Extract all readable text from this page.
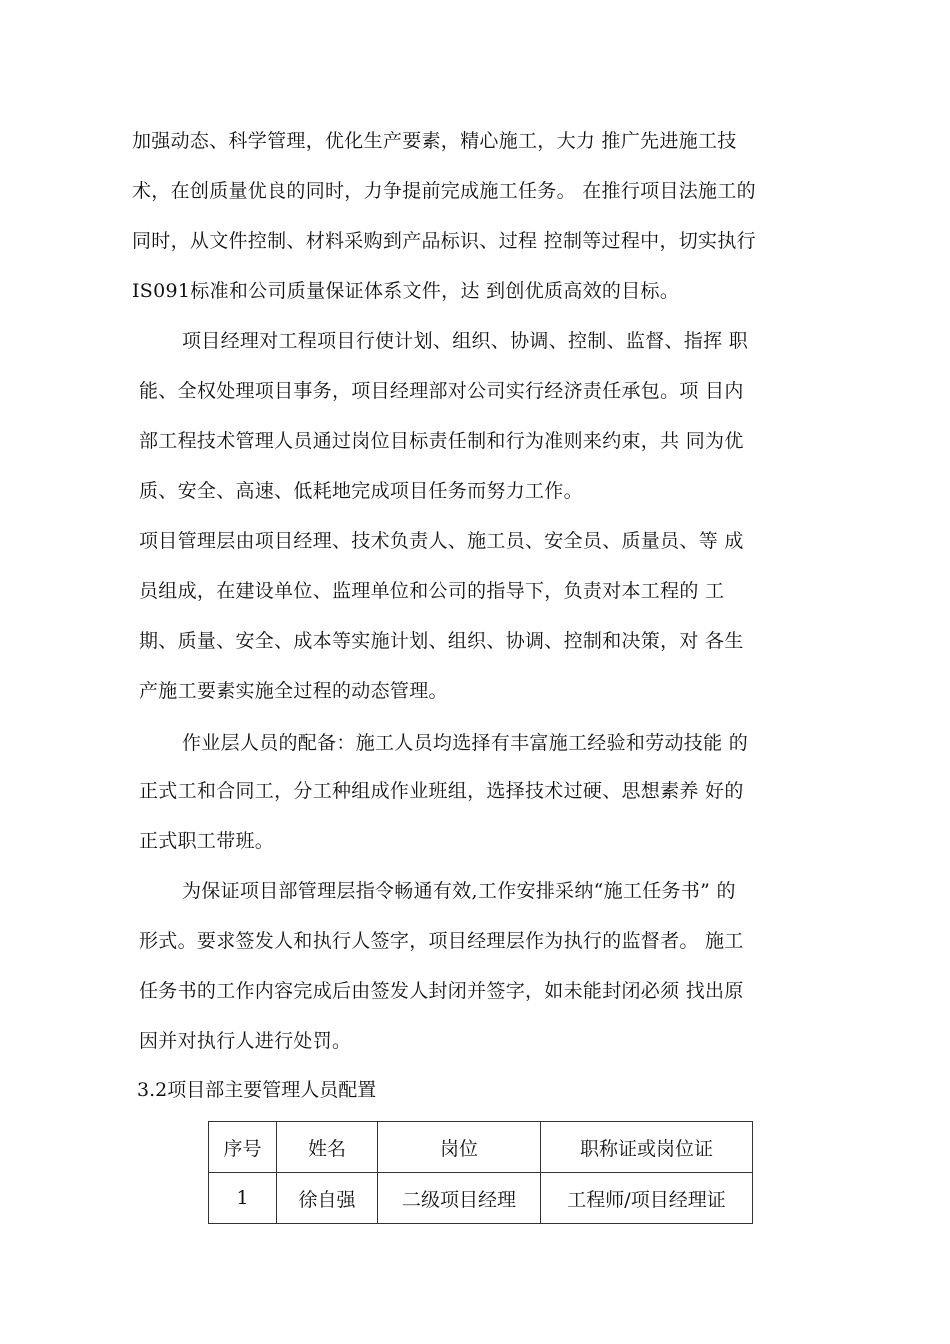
加强动态、科学管理，优化生产要素，精心施工，大力 推广先进施工技
术，在创质量优良的同时，力争提前完成施工任务。 在推行项目法施工的
同时，从文件控制、材料采购到产品标识、过程 控制等过程中，切实执行
IS091标准和公司质量保证体系文件，达 到创优质高效的目标。
项目经理对工程项目行使计划、组织、协调、控制、监督、指挥 职
能、全权处理项目事务，项目经理部对公司实行经济责任承包。项 目内
部工程技术管理人员通过岗位目标责任制和行为准则来约束，共 同为优
质、安全、高速、低耗地完成项目任务而努力工作。
项目管理层由项目经理、技术负责人、施工员、安全员、质量员、等 成
员组成，在建设单位、监理单位和公司的指导下，负责对本工程的 工
期、质量、安全、成本等实施计划、组织、协调、控制和决策，对 各生
产施工要素实施全过程的动态管理。
作业层人员的配备：施工人员均选择有丰富施工经验和劳动技能 的
正式工和合同工，分工种组成作业班组，选择技术过硬、思想素养 好的
正式职工带班。
为保证项目部管理层指令畅通有效,工作安排采纳“施工任务书” 的
形式。要求签发人和执行人签字，项目经理层作为执行的监督者。 施工
任务书的工作内容完成后由签发人封闭并签字，如未能封闭必须 找出原
因并对执行人进行处罚。
3.2项目部主要管理人员配置
序号	姓名	岗位	职称证或岗位证
1	徐自强	二级项目经理	工程师/项目经理证
